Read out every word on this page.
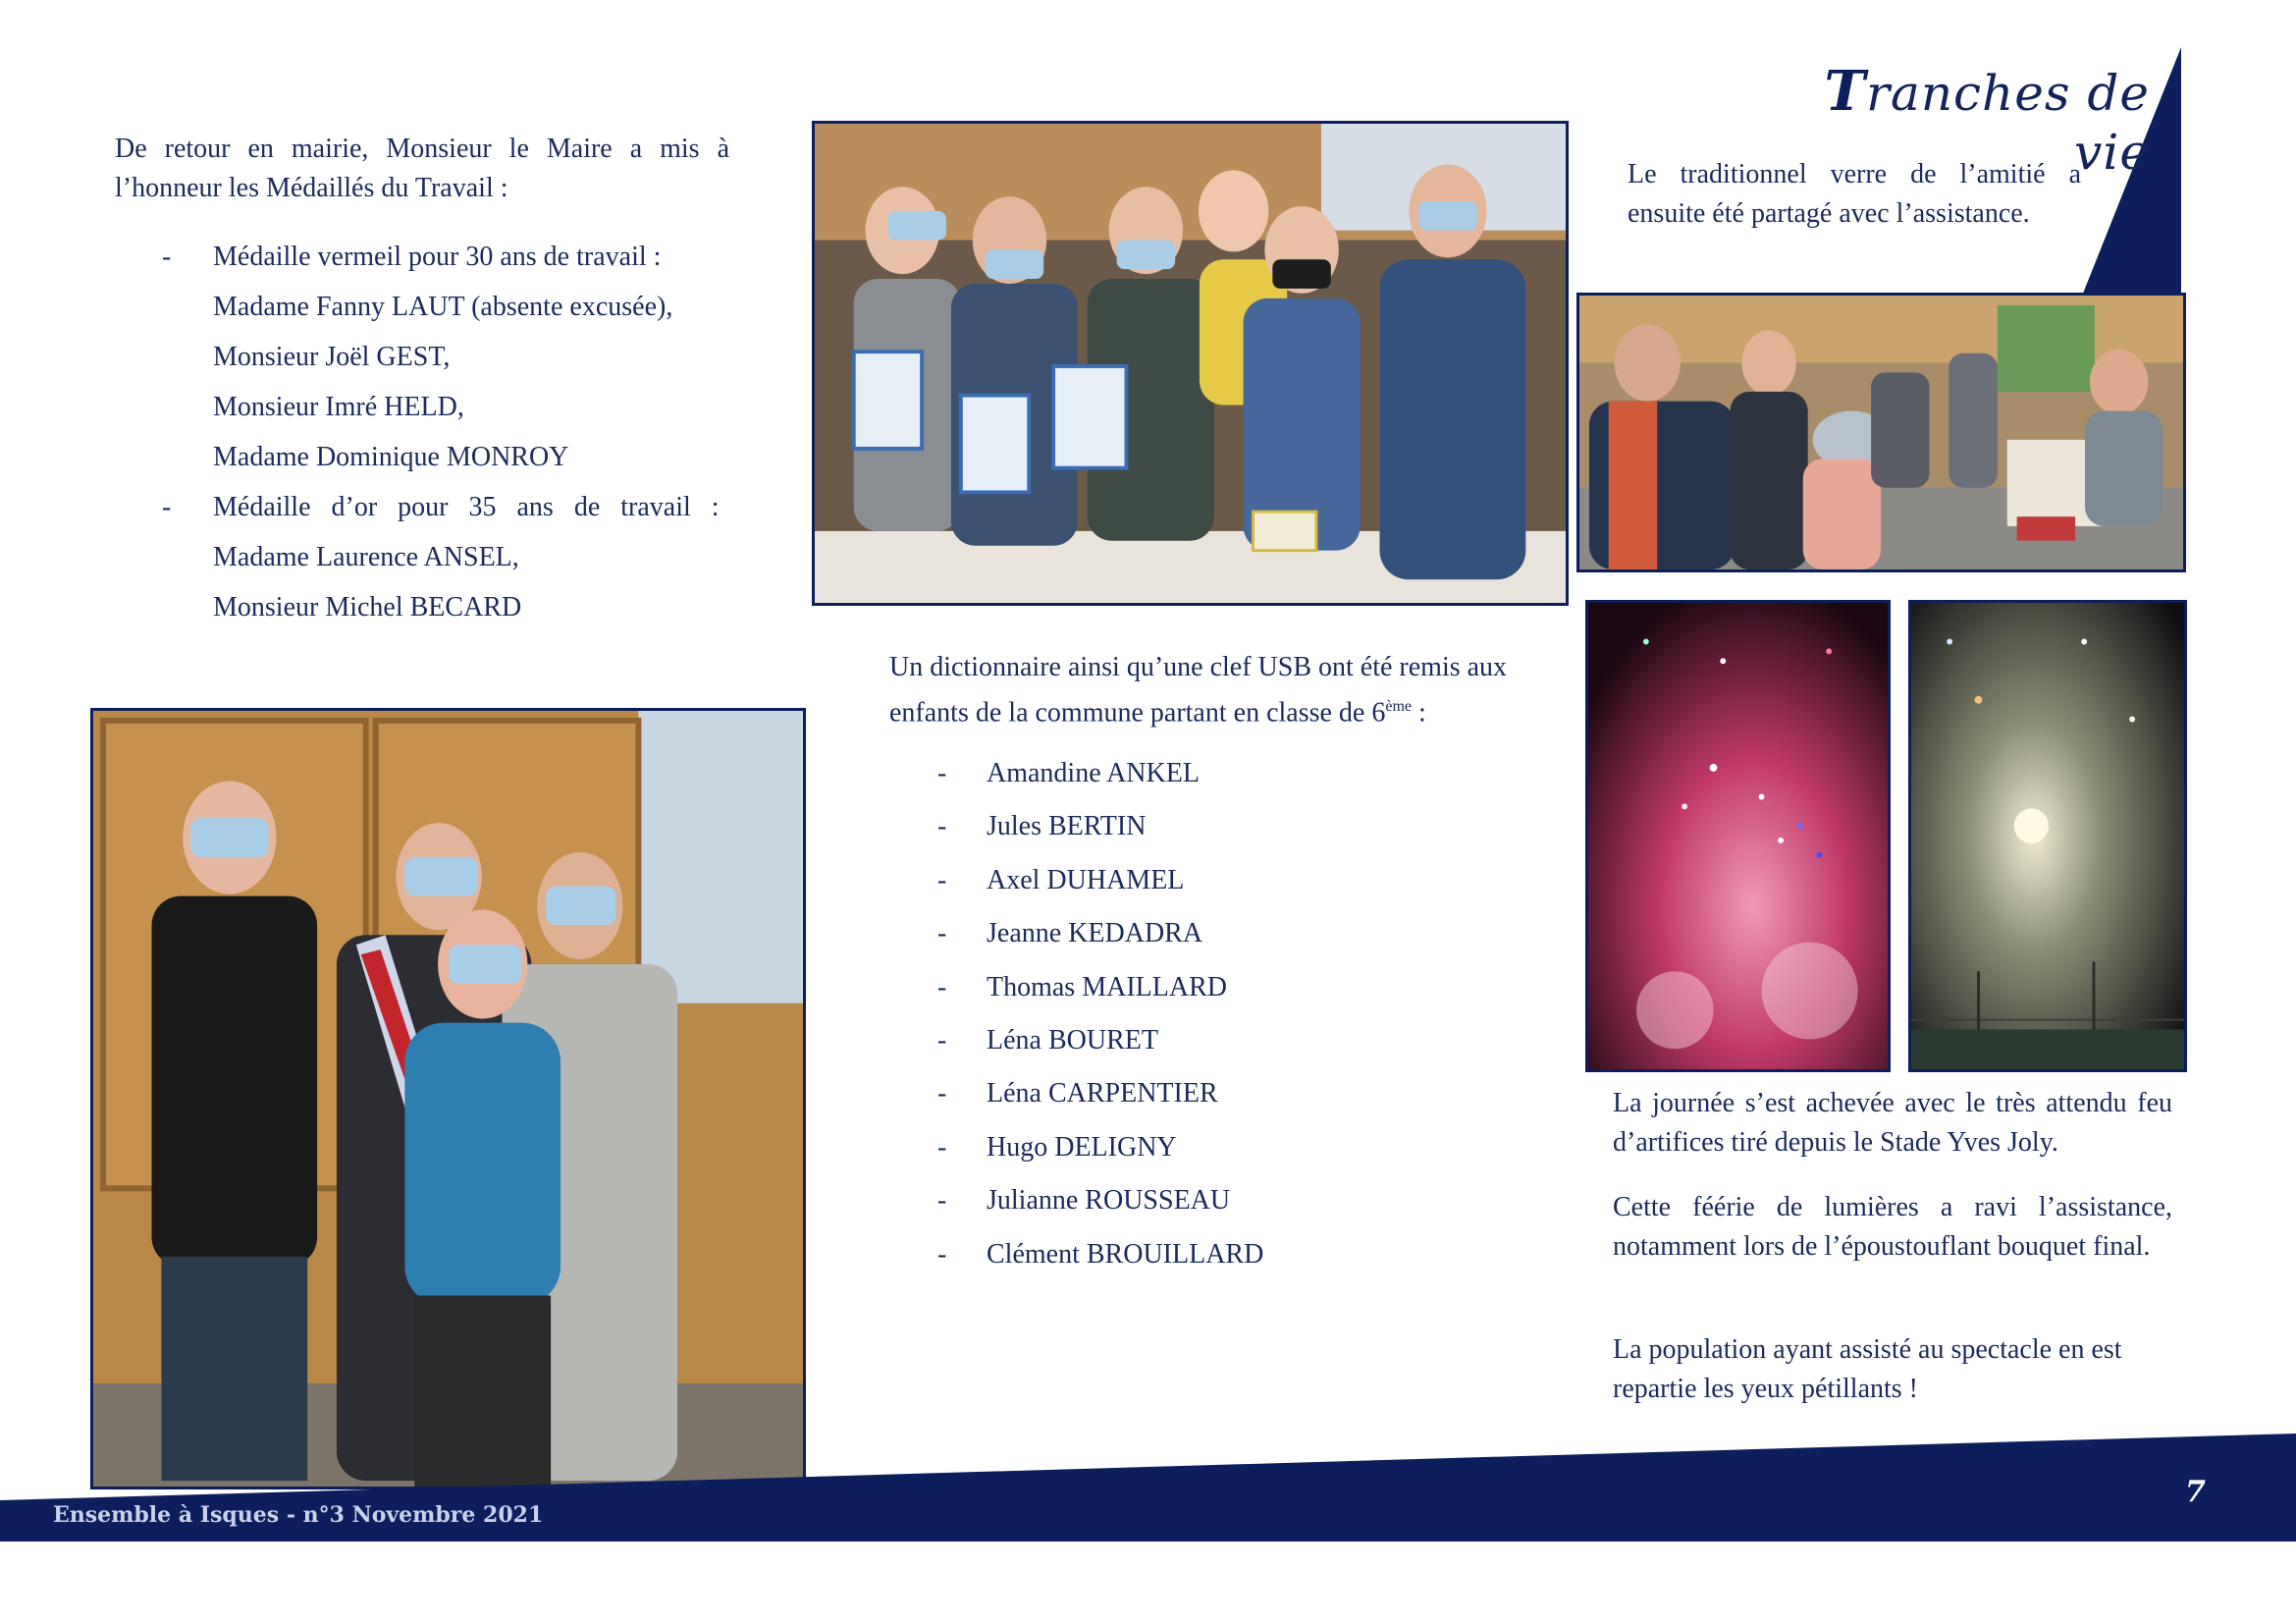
Tranches de vie
De retour en mairie, Monsieur le Maire a mis à l’honneur les Médaillés du Travail :
- Médaille vermeil pour 30 ans de travail :
Madame Fanny LAUT (absente excusée),
Monsieur Joël GEST,
Monsieur Imré HELD,
Madame Dominique MONROY
- Médaille d’or pour 35 ans de travail :
Madame Laurence ANSEL,
Monsieur Michel BECARD
Un dictionnaire ainsi qu’une clef USB ont été remis aux enfants de la commune partant en classe de 6ème :
- Amandine ANKEL
- Jules BERTIN
- Axel DUHAMEL
- Jeanne KEDADRA
- Thomas MAILLARD
- Léna BOURET
- Léna CARPENTIER
- Hugo DELIGNY
- Julianne ROUSSEAU
- Clément BROUILLARD
Le traditionnel verre de l’amitié a ensuite été partagé avec l’assistance.
La journée s’est achevée avec le très attendu feu d’artifices tiré depuis le Stade Yves Joly.
Cette féérie de lumières a ravi l’assistance, notamment lors de l’époustouflant bouquet final.
La population ayant assisté au spectacle en est repartie les yeux pétillants !
Ensemble à Isques - n°3 Novembre 2021
7
